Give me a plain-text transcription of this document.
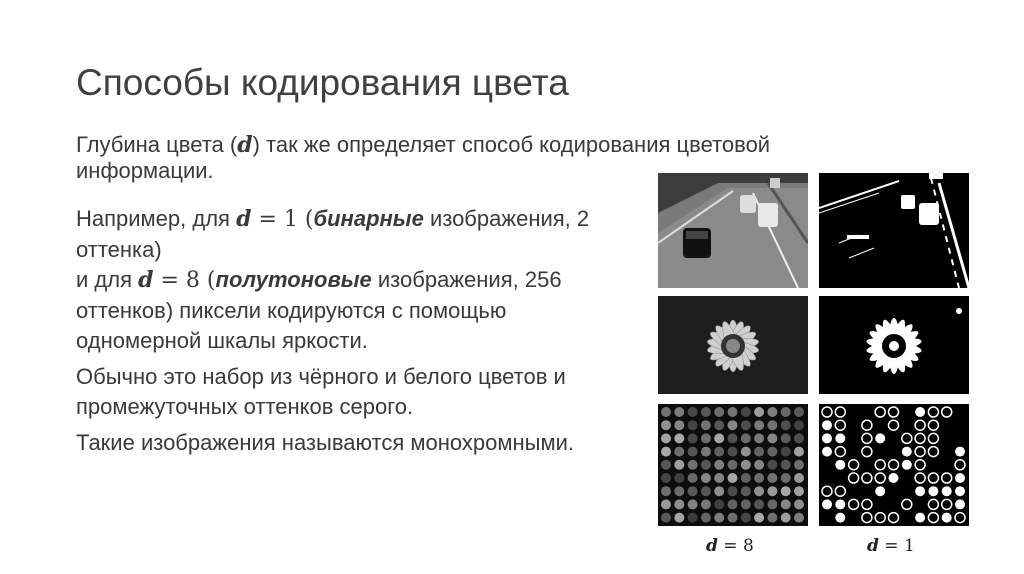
Способы кодирования цвета
Глубина цвета (d) так же определяет способ кодирования цветовой информации.

Например, для d = 1 (бинарные изображения, 2 оттенка)
и для d = 8 (полутоновые изображения, 256 оттенков) пиксели кодируются с помощью одномерной шкалы яркости.

Обычно это набор из чёрного и белого цветов и промежуточных оттенков серого.

Такие изображения называются монохромными.

d = 8	d = 1
